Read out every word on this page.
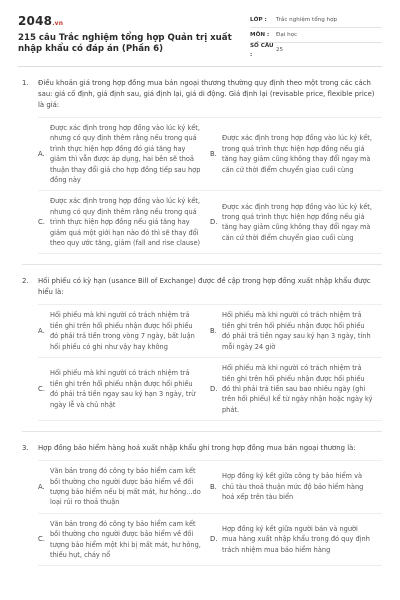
2048.vn
215 câu Trắc nghiệm tổng hợp Quản trị xuất nhập khẩu có đáp án (Phần 6)
LỚP :	Trắc nghiệm tổng hợp
MÔN :	Đại học
SỐ CÂU :
25
1.	Điều khoản giá trong hợp đồng mua bán ngoại thương thường quy định theo một trong các cách sau: giá cố định, giá định sau, giá định lại, giá di động. Giá định lại (revisable price, flexible price) là giá:
A.
Được xác định trong hợp đồng vào lúc ký kết, nhưng có quy định thêm rằng nếu trong quá trình thực hiện hợp đồng đó giá tăng hay giảm thì vẫn được áp dụng, hai bên sẽ thoả thuận thay đổi giá cho hợp đồng tiếp sau hợp đồng này
B.
Được xác định trong hợp đồng vào lúc ký kết, trong quá trình thực hiện hợp đồng nếu giá tăng hay giảm cũng không thay đổi ngay mà căn cứ thời điểm chuyển giao cuối cùng
C.
Được xác định trong hợp đồng vào lúc ký kết, nhưng có quy định thêm rằng nếu trong quá trình thực hiện hợp đồng nếu giá tăng hay giảm quá một giới hạn nào đó thì sẽ thay đổi theo quy ước tăng, giảm (fall and rise clause)
D.
Được xác định trong hợp đồng vào lúc ký kết, trong quá trình thực hiện hợp đồng nếu giá tăng hay giảm cũng không thay đổi ngay mà căn cứ thời điểm chuyển giao cuối cùng
2.	Hối phiếu có kỳ hạn (usance Bill of Exchange) được đề cập trong hợp đồng xuất nhập khẩu được hiểu là:
A.
Hối phiếu mà khi người có trách nhiệm trả tiền ghi trên hối phiếu nhận được hối phiếu đó phải trả tiền trong vòng 7 ngày, bất luận hối phiếu có ghi như vậy hay không
B.
Hối phiếu mà khi người có trách nhiệm trả tiền ghi trên hối phiếu nhận được hối phiếu đó phải trả tiền ngay sau ký hạn 3 ngày, tính mỗi ngày 24 giờ
C.
Hối phiếu mà khi người có trách nhiệm trả tiền ghi trên hối phiếu nhận được hối phiếu đó phải trả tiền ngay sau ký hạn 3 ngày, trừ ngày lễ và chủ nhật
D.
Hối phiếu mà khi người có trách nhiệm trả tiền ghi trên hối phiếu nhận được hối phiếu đó thì phải trả tiền sau bao nhiêu ngày (ghi trên hối phiếu) kể từ ngày nhận hoặc ngày ký phát.
3.	Hợp đồng bảo hiểm hàng hoá xuất nhập khẩu ghi trong hợp đồng mua bán ngoại thương là:
A.
Văn bản trong đó công ty bảo hiểm cam kết bồi thường cho người được bảo hiểm về đối tượng bảo hiểm nếu bị mất mát, hư hỏng...do loại rủi ro thoả thuận
B.
Hợp đồng ký kết giữa công ty bảo hiểm và chủ tàu thoả thuận mức độ bảo hiểm hàng hoá xếp trên tàu biển
C.
Văn bản trong đó công ty bảo hiểm cam kết bồi thường cho người được bảo hiểm về đối tượng bảo hiểm một khi bị mất mát, hư hỏng, thiếu hụt, cháy nổ
D.
Hợp đồng ký kết giữa người bán và người mua hàng xuất nhập khẩu trong đó quy định trách nhiệm mua bảo hiểm hàng
